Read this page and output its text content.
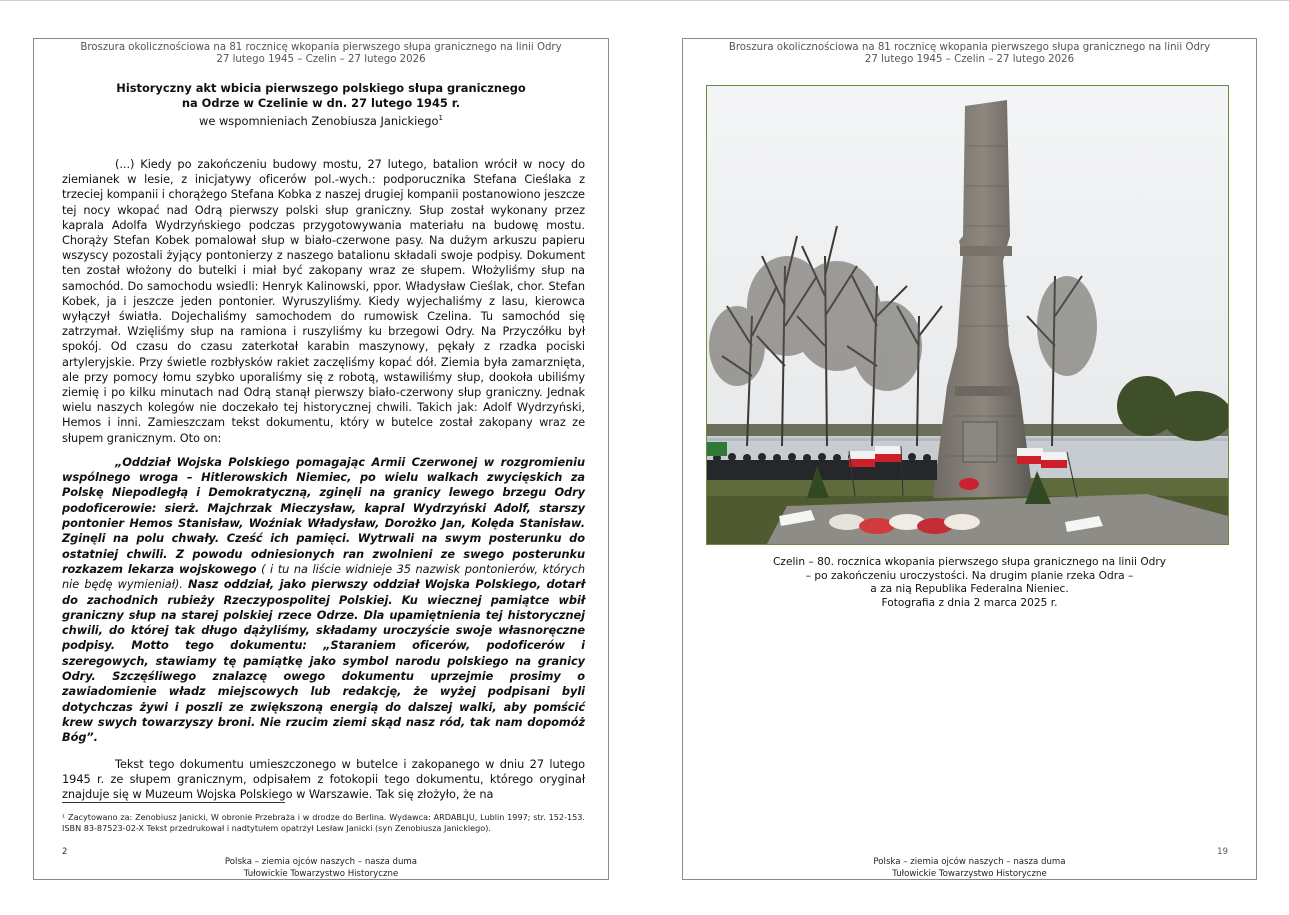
Broszura okolicznościowa na 81 rocznicę wkopania pierwszego słupa granicznego na linii Odry
27 lutego 1945 – Czelin – 27 lutego 2026
Historyczny akt wbicia pierwszego polskiego słupa granicznego
na Odrze w Czelinie w dn. 27 lutego 1945 r.
we wspomnieniach Zenobiusza Janickiego$^1$

(...) Kiedy po zakończeniu budowy mostu, 27 lutego, batalion wrócił w nocy do ziemianek w lesie, z inicjatywy oficerów pol.-wych.: podporucznika Stefana Cieślaka z trzeciej kompanii i chorążego Stefana Kobka z naszej drugiej kompanii postanowiono jeszcze tej nocy wkopać nad Odrą pierwszy polski słup graniczny. Słup został wykonany przez kaprala Adolfa Wydrzyńskiego podczas przygotowywania materiału na budowę mostu. Chorąży Stefan Kobek pomalował słup w biało-czerwone pasy. Na dużym arkuszu papieru wszyscy pozostali żyjący pontonierzy z naszego batalionu składali swoje podpisy. Dokument ten został włożony do butelki i miał być zakopany wraz ze słupem. Włożyliśmy słup na samochód. Do samochodu wsiedli: Henryk Kalinowski, ppor. Władysław Cieślak, chor. Stefan Kobek, ja i jeszcze jeden pontonier. Wyruszyliśmy. Kiedy wyjechaliśmy z lasu, kierowca wyłączył światła. Dojechaliśmy samochodem do rumowisk Czelina. Tu samochód się zatrzymał. Wzięliśmy słup na ramiona i ruszyliśmy ku brzegowi Odry. Na Przyczółku był spokój. Od czasu do czasu zaterkotał karabin maszynowy, pękały z rzadka pociski artyleryjskie. Przy świetle rozbłysków rakiet zaczęliśmy kopać dół. Ziemia była zamarznięta, ale przy pomocy łomu szybko uporaliśmy się z robotą, wstawiliśmy słup, dookoła ubiliśmy ziemię i po kilku minutach nad Odrą stanął pierwszy biało-czerwony słup graniczny. Jednak wielu naszych kolegów nie doczekało tej historycznej chwili. Takich jak: Adolf Wydrzyński, Hemos i inni. Zamieszczam tekst dokumentu, który w butelce został zakopany wraz ze słupem granicznym. Oto on:

„Oddział Wojska Polskiego pomagając Armii Czerwonej w rozgromieniu wspólnego wroga – Hitlerowskich Niemiec, po wielu walkach zwycięskich za Polskę Niepodległą i Demokratyczną, zginęli na granicy lewego brzegu Odry podoficerowie: sierż. Majchrzak Mieczysław, kapral Wydrzyński Adolf, starszy pontonier Hemos Stanisław, Woźniak Władysław, Dorożko Jan, Kolęda Stanisław. Zginęli na polu chwały. Cześć ich pamięci. Wytrwali na swym posterunku do ostatniej chwili. Z powodu odniesionych ran zwolnieni ze swego posterunku rozkazem lekarza wojskowego ( i tu na liście widnieje 35 nazwisk pontonierów, których nie będę wymieniał). Nasz oddział, jako pierwszy oddział Wojska Polskiego, dotarł do zachodnich rubieży Rzeczypospolitej Polskiej. Ku wiecznej pamiątce wbił graniczny słup na starej polskiej rzece Odrze. Dla upamiętnienia tej historycznej chwili, do której tak długo dążyliśmy, składamy uroczyście swoje własnoręczne podpisy. Motto tego dokumentu: „Staraniem oficerów, podoficerów i szeregowych, stawiamy tę pamiątkę jako symbol narodu polskiego na granicy Odry. Szczęśliwego znalazcę owego dokumentu uprzejmie prosimy o zawiadomienie władz miejscowych lub redakcję, że wyżej podpisani byli dotychczas żywi i poszli ze zwiększoną energią do dalszej walki, aby pomścić krew swych towarzyszy broni. Nie rzucim ziemi skąd nasz ród, tak nam dopomóż Bóg”.

Tekst tego dokumentu umieszczonego w butelce i zakopanego w dniu 27 lutego 1945 r. ze słupem granicznym, odpisałem z fotokopii tego dokumentu, którego oryginał znajduje się w Muzeum Wojska Polskiego w Warszawie. Tak się złożyło, że na

¹ Zacytowano za: Zenobiusz Janicki, W obronie Przebraża i w drodze do Berlina. Wydawca: ARDABLJU, Lublin 1997; str. 152-153. ISBN 83-87523-02-X Tekst przedrukował i nadtytułem opatrzył Lesław Janicki (syn Zenobiusza Janickiego).
2
Polska – ziemia ojców naszych – nasza duma
Tułowickie Towarzystwo Historyczne
Broszura okolicznościowa na 81 rocznicę wkopania pierwszego słupa granicznego na linii Odry
27 lutego 1945 – Czelin – 27 lutego 2026
Czelin – 80. rocznica wkopania pierwszego słupa granicznego na linii Odry
– po zakończeniu uroczystości. Na drugim planie rzeka Odra –
a za nią Republika Federalna Nieniec.
Fotografia z dnia 2 marca 2025 r.
19
Polska – ziemia ojców naszych – nasza duma
Tułowickie Towarzystwo Historyczne
